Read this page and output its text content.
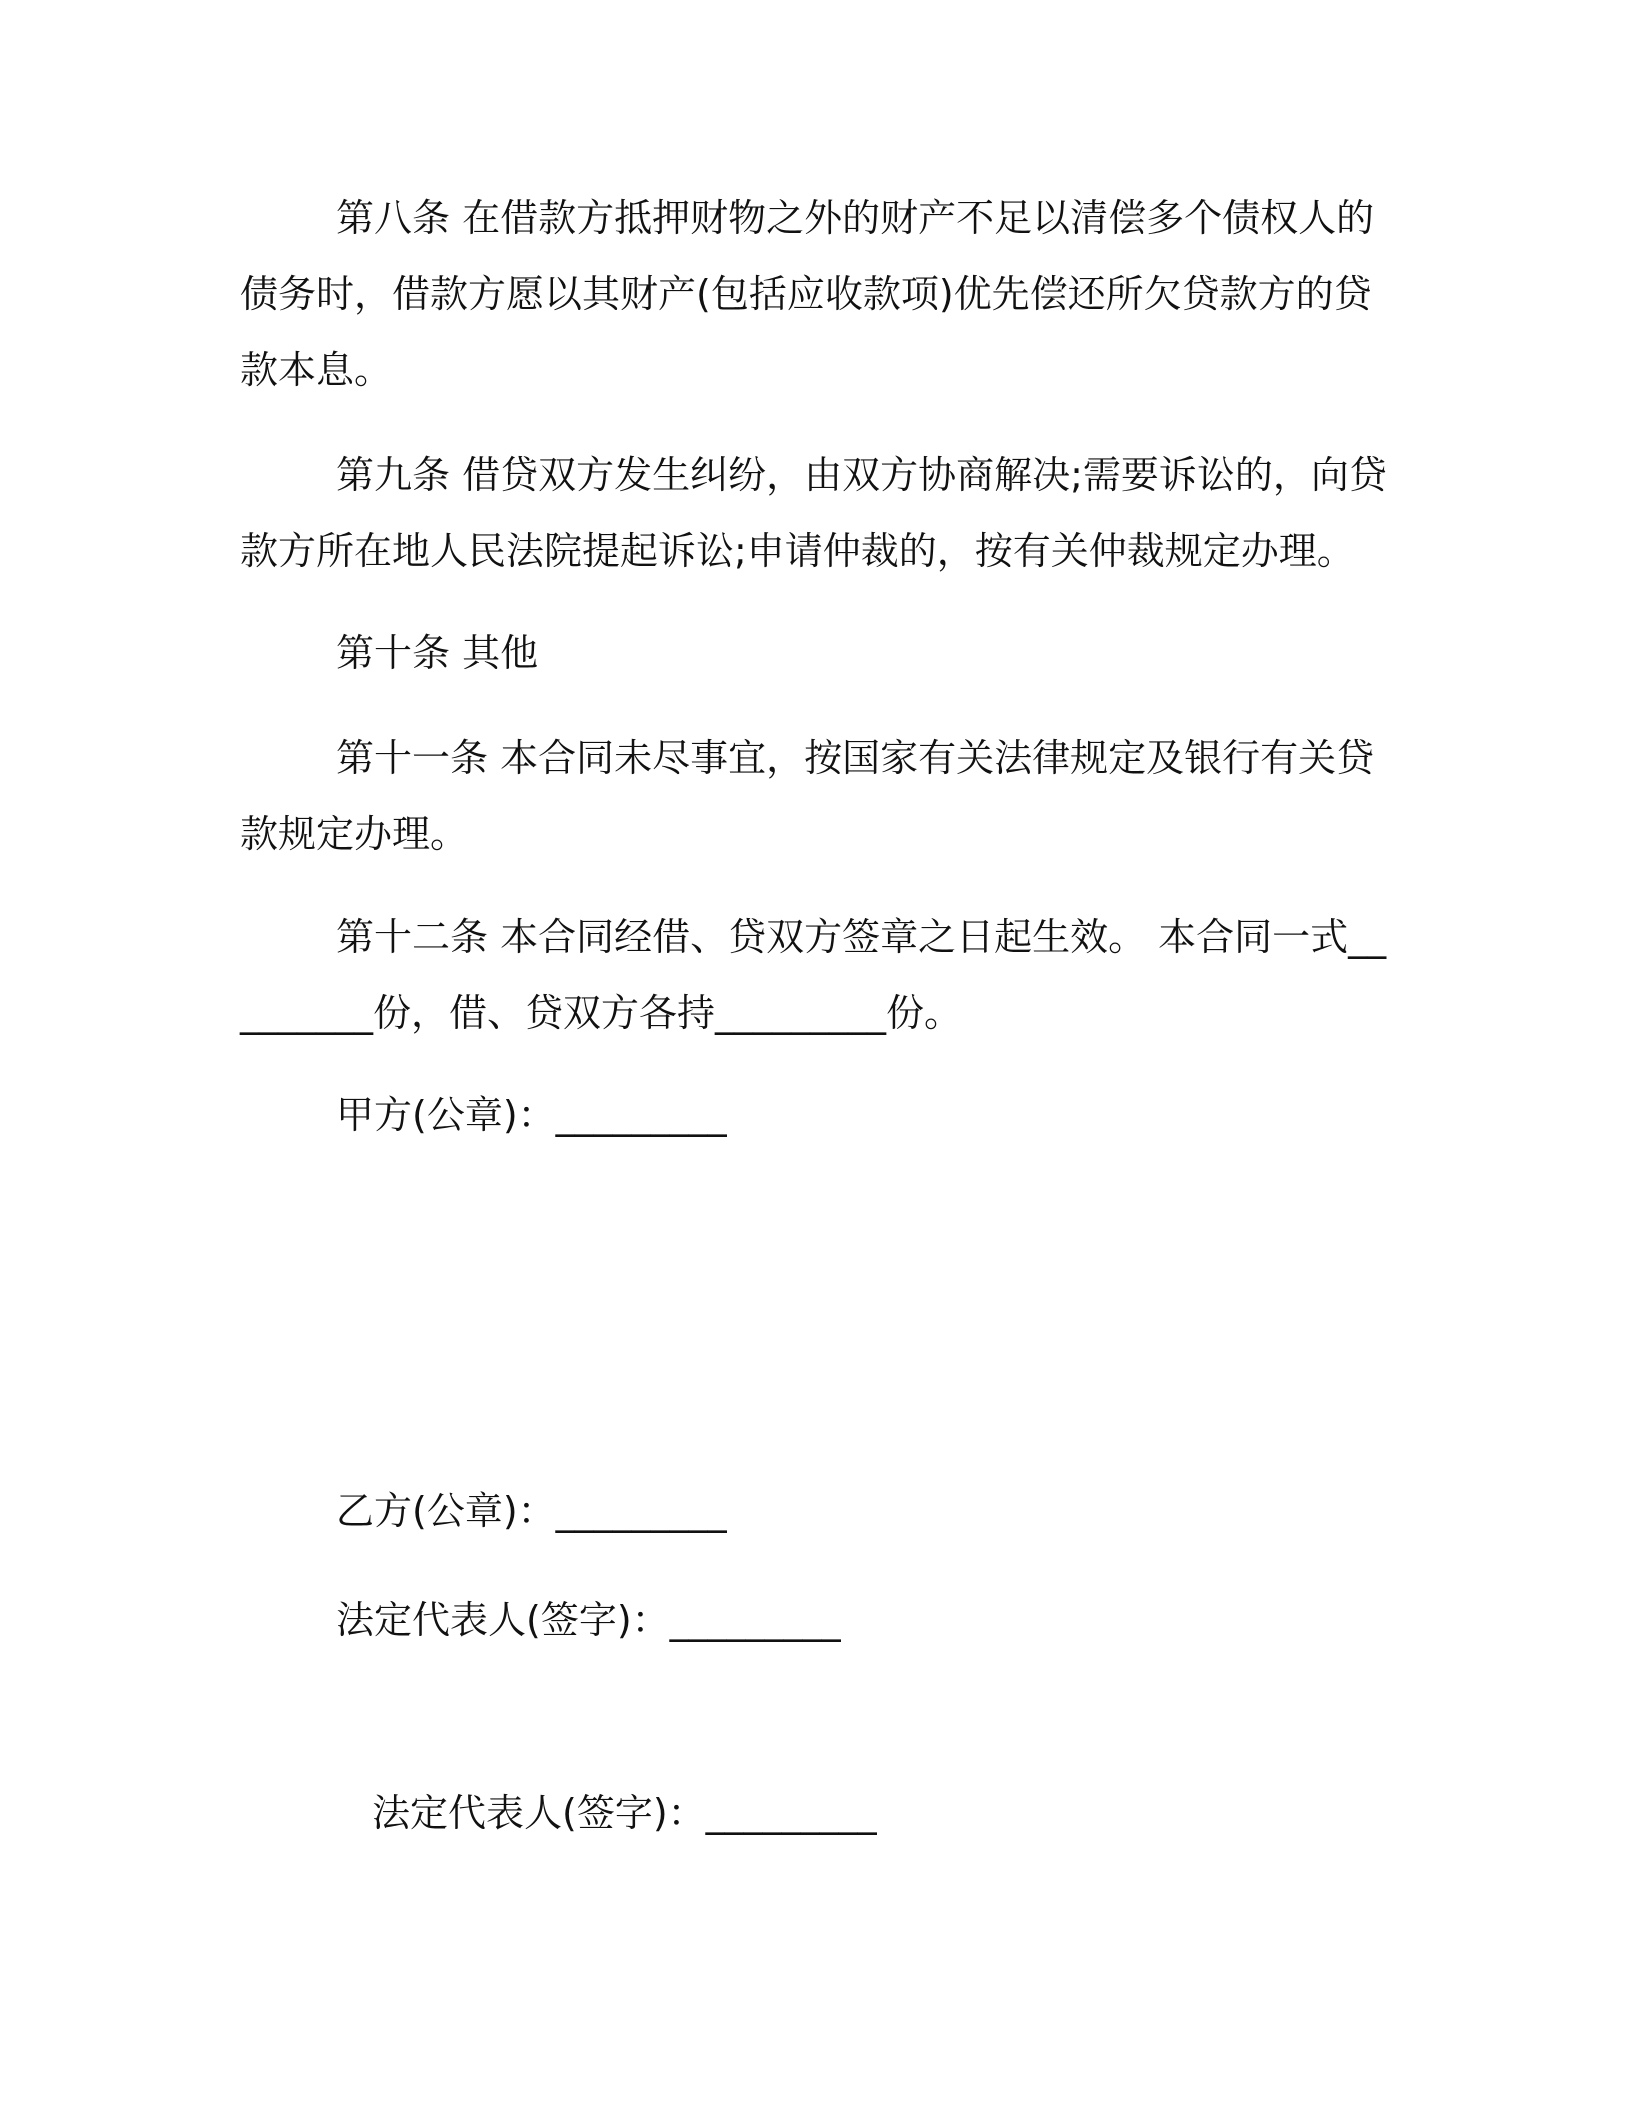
第八条 在借款方抵押财物之外的财产不足以清偿多个债权人的债务时，借款方愿以其财产(包括应收款项)优先偿还所欠贷款方的贷款本息。

第九条 借贷双方发生纠纷，由双方协商解决;需要诉讼的，向贷款方所在地人民法院提起诉讼;申请仲裁的，按有关仲裁规定办理。

第十条 其他

第十一条 本合同未尽事宜，按国家有关法律规定及银行有关贷款规定办理。

第十二条 本合同经借、贷双方签章之日起生效。 本合同一式_________份，借、贷双方各持_________份。

甲方(公章)：_________

乙方(公章)：_________

法定代表人(签字)：_________

法定代表人(签字)：_________
